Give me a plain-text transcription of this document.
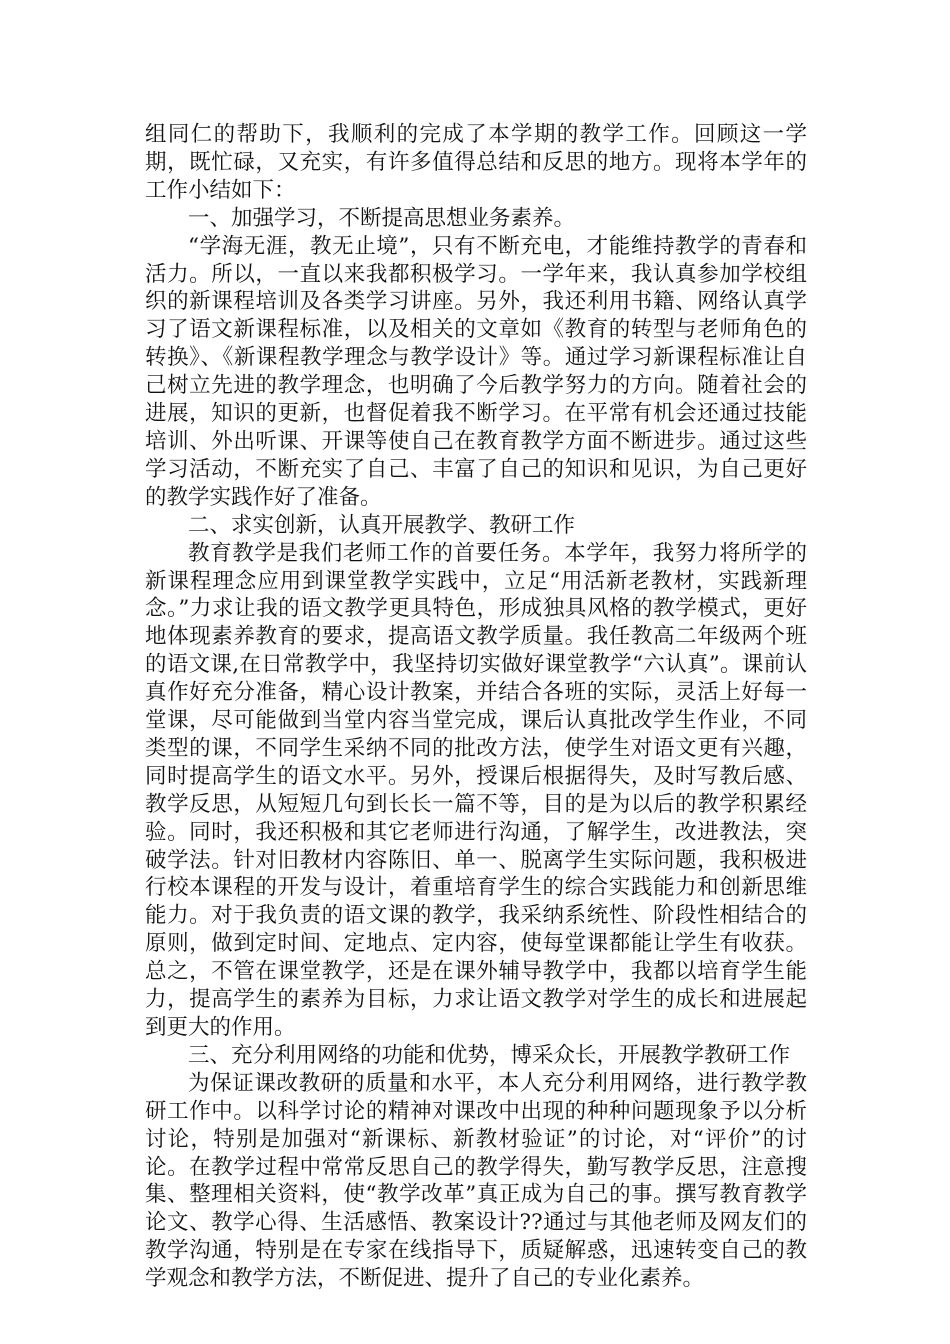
组同仁的帮助下，我顺利的完成了本学期的教学工作。回顾这一学期，既忙碌，又充实，有许多值得总结和反思的地方。现将本学年的工作小结如下：

一、加强学习，不断提高思想业务素养。

“学海无涯，教无止境”，只有不断充电，才能维持教学的青春和活力。所以，一直以来我都积极学习。一学年来，我认真参加学校组织的新课程培训及各类学习讲座。另外，我还利用书籍、网络认真学习了语文新课程标准，以及相关的文章如《教育的转型与老师角色的转换》、《新课程教学理念与教学设计》等。通过学习新课程标准让自己树立先进的教学理念，也明确了今后教学努力的方向。随着社会的进展，知识的更新，也督促着我不断学习。在平常有机会还通过技能培训、外出听课、开课等使自己在教育教学方面不断进步。通过这些学习活动，不断充实了自己、丰富了自己的知识和见识，为自己更好的教学实践作好了准备。

二、求实创新，认真开展教学、教研工作

教育教学是我们老师工作的首要任务。本学年，我努力将所学的新课程理念应用到课堂教学实践中，立足“用活新老教材，实践新理念。”力求让我的语文教学更具特色，形成独具风格的教学模式，更好地体现素养教育的要求，提高语文教学质量。我任教高二年级两个班的语文课,在日常教学中，我坚持切实做好课堂教学“六认真”。课前认真作好充分准备，精心设计教案，并结合各班的实际，灵活上好每一堂课，尽可能做到当堂内容当堂完成，课后认真批改学生作业，不同类型的课，不同学生采纳不同的批改方法，使学生对语文更有兴趣，同时提高学生的语文水平。另外，授课后根据得失，及时写教后感、教学反思，从短短几句到长长一篇不等，目的是为以后的教学积累经验。同时，我还积极和其它老师进行沟通，了解学生，改进教法，突破学法。针对旧教材内容陈旧、单一、脱离学生实际问题，我积极进行校本课程的开发与设计，着重培育学生的综合实践能力和创新思维能力。对于我负责的语文课的教学，我采纳系统性、阶段性相结合的原则，做到定时间、定地点、定内容，使每堂课都能让学生有收获。总之，不管在课堂教学，还是在课外辅导教学中，我都以培育学生能力，提高学生的素养为目标，力求让语文教学对学生的成长和进展起到更大的作用。

三、充分利用网络的功能和优势，博采众长，开展教学教研工作

为保证课改教研的质量和水平，本人充分利用网络，进行教学教研工作中。以科学讨论的精神对课改中出现的种种问题现象予以分析讨论，特别是加强对“新课标、新教材验证”的讨论，对“评价”的讨论。在教学过程中常常反思自己的教学得失，勤写教学反思，注意搜集、整理相关资料，使“教学改革”真正成为自己的事。撰写教育教学论文、教学心得、生活感悟、教案设计??通过与其他老师及网友们的教学沟通，特别是在专家在线指导下，质疑解惑，迅速转变自己的教学观念和教学方法，不断促进、提升了自己的专业化素养。
